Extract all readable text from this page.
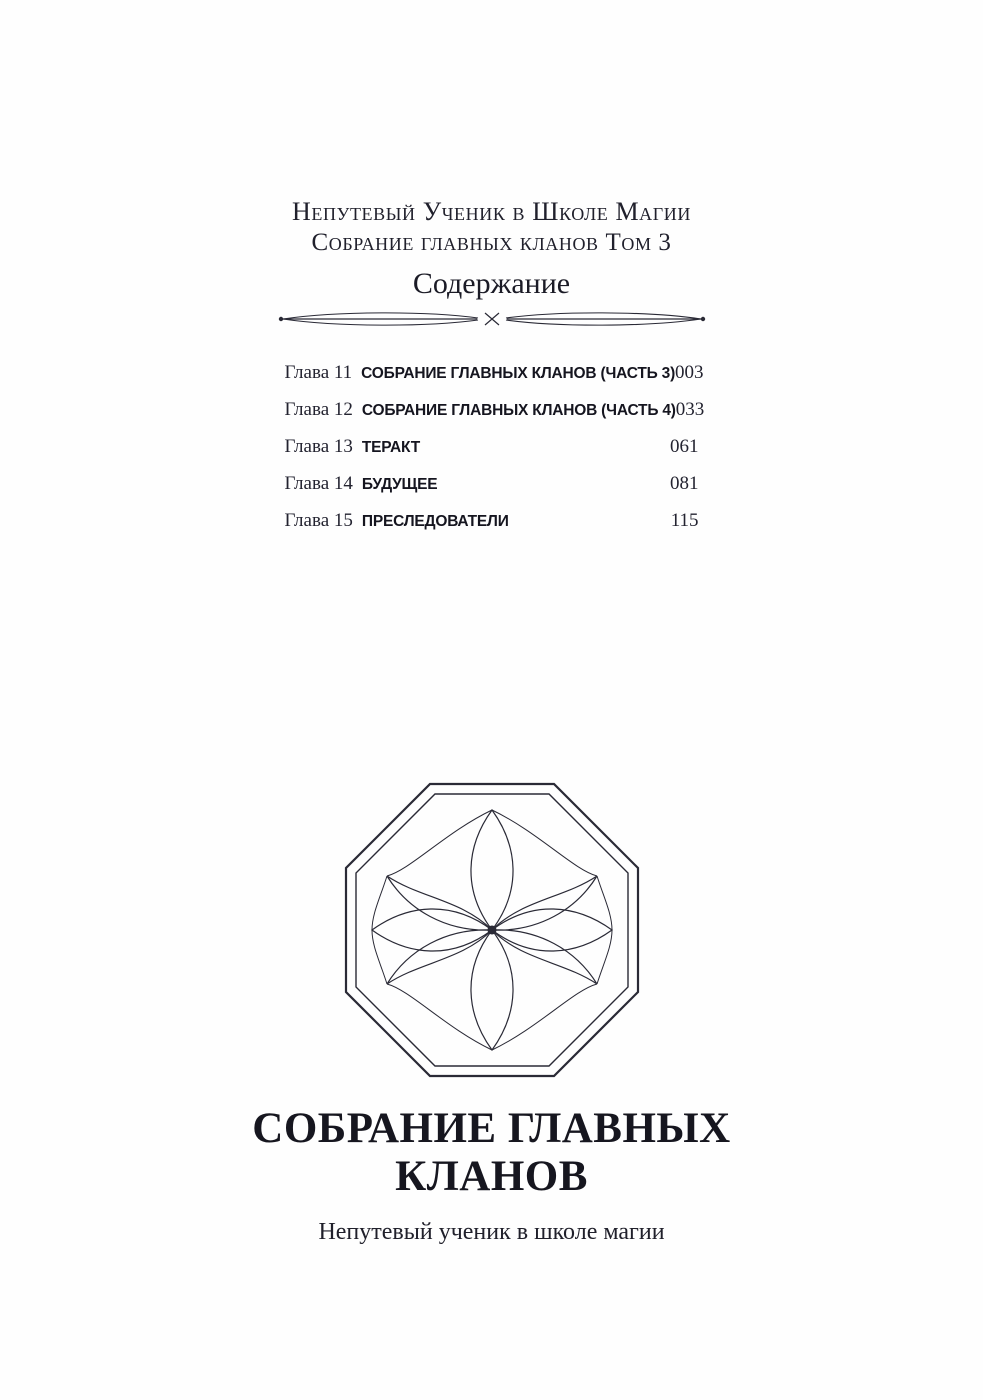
Непутевый Ученик в Школе Магии
Собрание главных кланов Том 3
Содержание
Глава 11 СОБРАНИЕ ГЛАВНЫХ КЛАНОВ (ЧАСТЬ 3) 003
Глава 12 СОБРАНИЕ ГЛАВНЫХ КЛАНОВ (ЧАСТЬ 4) 033
Глава 13 ТЕРАКТ	061
Глава 14 БУДУЩЕЕ	081
Глава 15 ПРЕСЛЕДОВАТЕЛИ	115
СОБРАНИЕ ГЛАВНЫХ
КЛАНОВ
Непутевый ученик в школе магии
